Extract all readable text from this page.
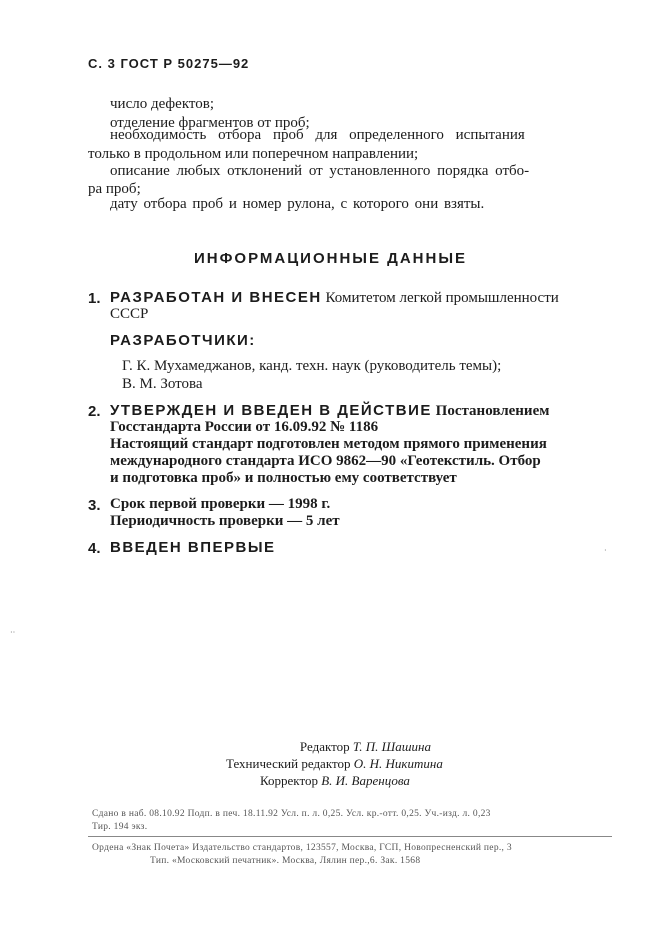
С. 3 ГОСТ Р 50275—92
число дефектов;
отделение фрагментов от проб;
необходимость отбора проб для определенного испытания
только в продольном или поперечном направлении;
описание любых отклонений от установленного порядка отбо-
ра проб;
дату отбора проб и номер рулона, с которого они взяты.
ИНФОРМАЦИОННЫЕ ДАННЫЕ
1. РАЗРАБОТАН И ВНЕСЕН Комитетом легкой промышленности
СССР
РАЗРАБОТЧИКИ:
Г. К. Мухамеджанов, канд. техн. наук (руководитель темы);
В. М. Зотова
2. УТВЕРЖДЕН И ВВЕДЕН В ДЕЙСТВИЕ Постановлением
Госстандарта России от 16.09.92 № 1186
Настоящий стандарт подготовлен методом прямого применения
международного стандарта ИСО 9862—90 «Геотекстиль. Отбор
и подготовка проб» и полностью ему соответствует
3. Срок первой проверки — 1998 г.
Периодичность проверки — 5 лет
4. ВВЕДЕН ВПЕРВЫЕ	·
··
Редактор Т. П. Шашина
Технический редактор О. Н. Никитина
Корректор В. И. Варенцова
Сдано в наб. 08.10.92 Подп. в печ. 18.11.92 Усл. п. л. 0,25. Усл. кр.-отт. 0,25. Уч.-изд. л. 0,23
Тир. 194 экз.
Ордена «Знак Почета» Издательство стандартов, 123557, Москва, ГСП, Новопресненский пер., 3
Тип. «Московский печатник». Москва, Лялин пер.,6. Зак. 1568
